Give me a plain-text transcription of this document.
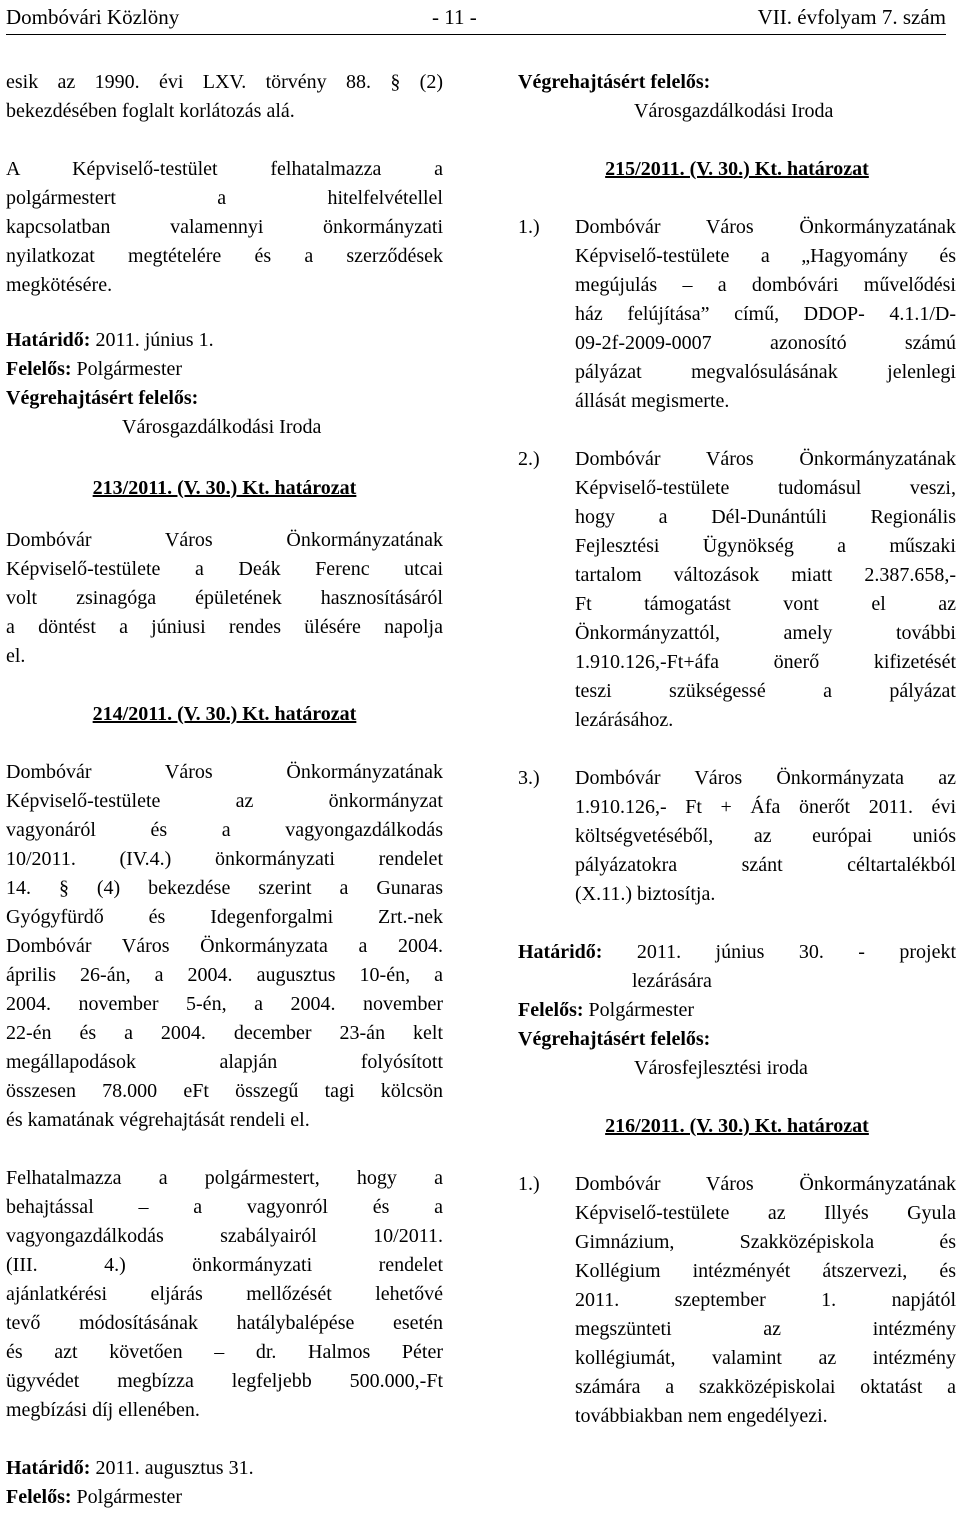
Dombóvári Közlöny	- 11 -	VII. évfolyam 7. szám

esik az 1990. évi LXV. törvény 88. § (2)

bekezdésében foglalt korlátozás alá.

A Képviselő-testület felhatalmazza a

polgármestert a hitelfelvétellel

kapcsolatban valamennyi önkormányzati

nyilatkozat megtételére és a szerződések

megkötésére.

Határidő: 2011. június 1.

Felelős: Polgármester

Végrehajtásért felelős:

Városgazdálkodási Iroda

213/2011. (V. 30.) Kt. határozat

Dombóvár Város Önkormányzatának

Képviselő-testülete a Deák Ferenc utcai

volt zsinagóga épületének hasznosításáról

a döntést a júniusi rendes ülésére napolja

el.

214/2011. (V. 30.) Kt. határozat

Dombóvár Város Önkormányzatának

Képviselő-testülete az önkormányzat

vagyonáról és a vagyongazdálkodás

10/2011. (IV.4.) önkormányzati rendelet

14. § (4) bekezdése szerint a Gunaras

Gyógyfürdő és Idegenforgalmi Zrt.-nek

Dombóvár Város Önkormányzata a 2004.

április 26-án, a 2004. augusztus 10-én, a

2004. november 5-én, a 2004. november

22-én és a 2004. december 23-án kelt

megállapodások alapján folyósított

összesen 78.000 eFt összegű tagi kölcsön

és kamatának végrehajtását rendeli el.

Felhatalmazza a polgármestert, hogy a

behajtással – a vagyonról és a

vagyongazdálkodás szabályairól 10/2011.

(III. 4.) önkormányzati rendelet

ajánlatkérési eljárás mellőzését lehetővé

tevő módosításának hatálybalépése esetén

és azt követően – dr. Halmos Péter

ügyvédet megbízza legfeljebb 500.000,-Ft

megbízási díj ellenében.

Határidő: 2011. augusztus 31.

Felelős: Polgármester

Végrehajtásért felelős:

Városgazdálkodási Iroda

215/2011. (V. 30.) Kt. határozat

1.)	Dombóvár Város Önkormányzatának

Képviselő-testülete a „Hagyomány és

megújulás – a dombóvári művelődési

ház felújítása” című, DDOP- 4.1.1/D-

09-2f-2009-0007 azonosító számú

pályázat megvalósulásának jelenlegi

állását megismerte.

2.)	Dombóvár Város Önkormányzatának

Képviselő-testülete tudomásul veszi,

hogy a Dél-Dunántúli Regionális

Fejlesztési Ügynökség a műszaki

tartalom változások miatt 2.387.658,-

Ft támogatást vont el az

Önkormányzattól, amely további

1.910.126,-Ft+áfa önerő kifizetését

teszi szükségessé a pályázat

lezárásához.

3.)	Dombóvár Város Önkormányzata az

1.910.126,- Ft + Áfa önerőt 2011. évi

költségvetéséből, az európai uniós

pályázatokra szánt céltartalékból

(X.11.) biztosítja.

Határidő: 2011. június 30. - projekt

lezárására

Felelős: Polgármester

Végrehajtásért felelős:

Városfejlesztési iroda

216/2011. (V. 30.) Kt. határozat

1.)	Dombóvár Város Önkormányzatának

Képviselő-testülete az Illyés Gyula

Gimnázium, Szakközépiskola és

Kollégium intézményét átszervezi, és

2011. szeptember 1. napjától

megszünteti az intézmény

kollégiumát, valamint az intézmény

számára a szakközépiskolai oktatást a

továbbiakban nem engedélyezi.
